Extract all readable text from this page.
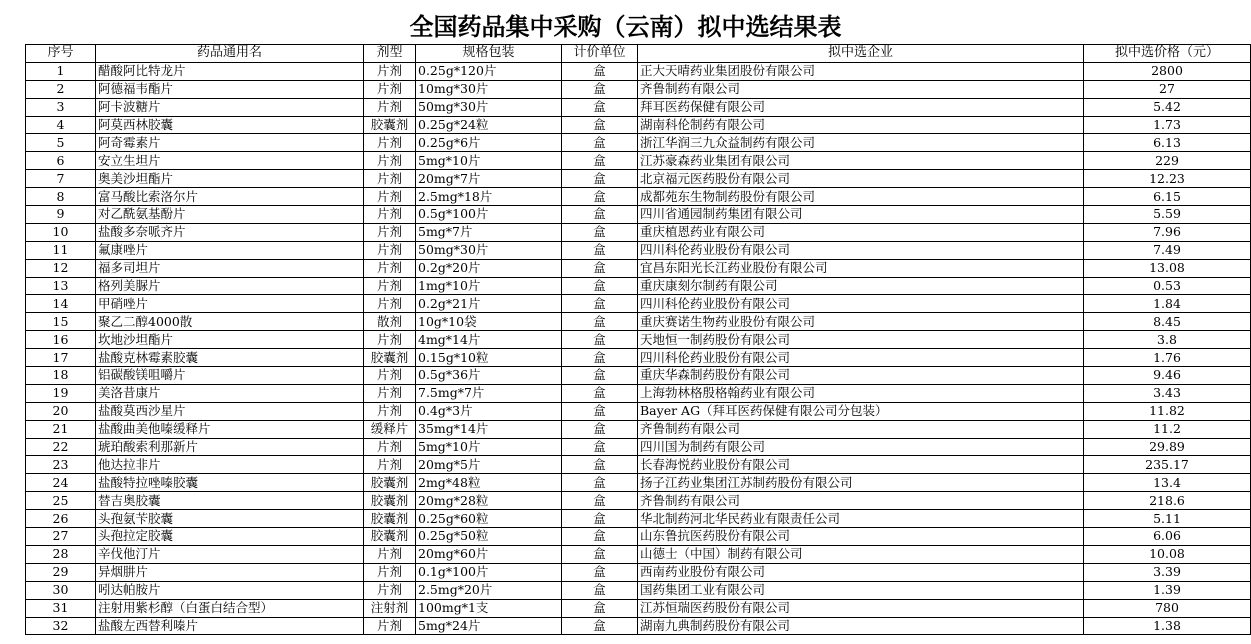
全国药品集中采购（云南）拟中选结果表
序号	药品通用名	剂型	规格包装	计价单位	拟中选企业	拟中选价格（元）
1	醋酸阿比特龙片	片剂	0.25g*120片	盒	正大天晴药业集团股份有限公司	2800
2	阿德福韦酯片	片剂	10mg*30片	盒	齐鲁制药有限公司	27
3	阿卡波糖片	片剂	50mg*30片	盒	拜耳医药保健有限公司	5.42
4	阿莫西林胶囊	胶囊剂	0.25g*24粒	盒	湖南科伦制药有限公司	1.73
5	阿奇霉素片	片剂	0.25g*6片	盒	浙江华润三九众益制药有限公司	6.13
6	安立生坦片	片剂	5mg*10片	盒	江苏豪森药业集团有限公司	229
7	奥美沙坦酯片	片剂	20mg*7片	盒	北京福元医药股份有限公司	12.23
8	富马酸比索洛尔片	片剂	2.5mg*18片	盒	成都苑东生物制药股份有限公司	6.15
9	对乙酰氨基酚片	片剂	0.5g*100片	盒	四川省通园制药集团有限公司	5.59
10	盐酸多奈哌齐片	片剂	5mg*7片	盒	重庆植恩药业有限公司	7.96
11	氟康唑片	片剂	50mg*30片	盒	四川科伦药业股份有限公司	7.49
12	福多司坦片	片剂	0.2g*20片	盒	宜昌东阳光长江药业股份有限公司	13.08
13	格列美脲片	片剂	1mg*10片	盒	重庆康刻尔制药有限公司	0.53
14	甲硝唑片	片剂	0.2g*21片	盒	四川科伦药业股份有限公司	1.84
15	聚乙二醇4000散	散剂	10g*10袋	盒	重庆赛诺生物药业股份有限公司	8.45
16	坎地沙坦酯片	片剂	4mg*14片	盒	天地恒一制药股份有限公司	3.8
17	盐酸克林霉素胶囊	胶囊剂	0.15g*10粒	盒	四川科伦药业股份有限公司	1.76
18	铝碳酸镁咀嚼片	片剂	0.5g*36片	盒	重庆华森制药股份有限公司	9.46
19	美洛昔康片	片剂	7.5mg*7片	盒	上海勃林格殷格翰药业有限公司	3.43
20	盐酸莫西沙星片	片剂	0.4g*3片	盒	Bayer AG（拜耳医药保健有限公司分包装）	11.82
21	盐酸曲美他嗪缓释片	缓释片	35mg*14片	盒	齐鲁制药有限公司	11.2
22	琥珀酸索利那新片	片剂	5mg*10片	盒	四川国为制药有限公司	29.89
23	他达拉非片	片剂	20mg*5片	盒	长春海悦药业股份有限公司	235.17
24	盐酸特拉唑嗪胶囊	胶囊剂	2mg*48粒	盒	扬子江药业集团江苏制药股份有限公司	13.4
25	替吉奥胶囊	胶囊剂	20mg*28粒	盒	齐鲁制药有限公司	218.6
26	头孢氨苄胶囊	胶囊剂	0.25g*60粒	盒	华北制药河北华民药业有限责任公司	5.11
27	头孢拉定胶囊	胶囊剂	0.25g*50粒	盒	山东鲁抗医药股份有限公司	6.06
28	辛伐他汀片	片剂	20mg*60片	盒	山德士（中国）制药有限公司	10.08
29	异烟肼片	片剂	0.1g*100片	盒	西南药业股份有限公司	3.39
30	吲达帕胺片	片剂	2.5mg*20片	盒	国药集团工业有限公司	1.39
31	注射用紫杉醇（白蛋白结合型）	注射剂	100mg*1支	盒	江苏恒瑞医药股份有限公司	780
32	盐酸左西替利嗪片	片剂	5mg*24片	盒	湖南九典制药股份有限公司	1.38
